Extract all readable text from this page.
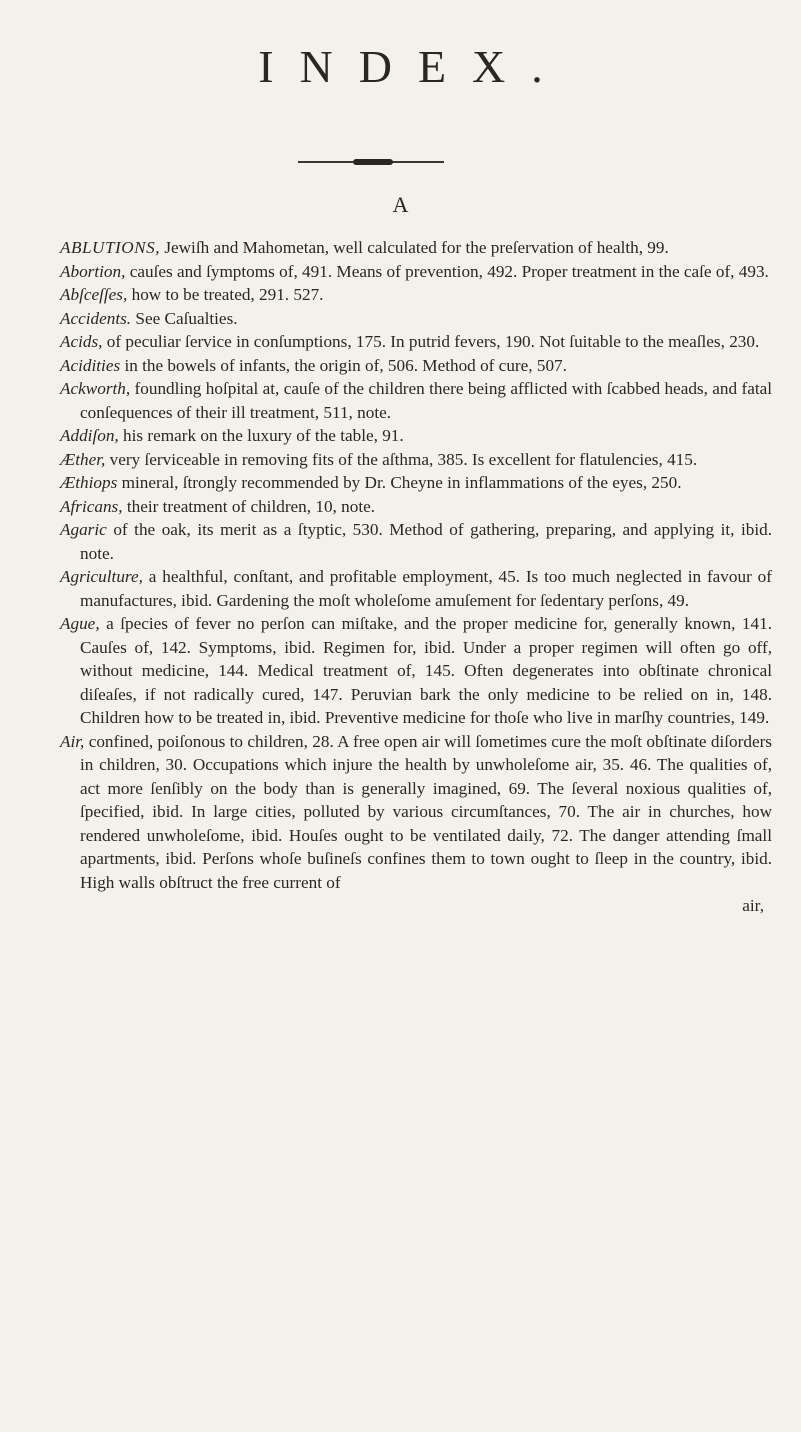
INDEX.
A

ABLUTIONS, Jewiſh and Mahometan, well calculated for the preſervation of health, 99.

Abortion, cauſes and ſymptoms of, 491. Means of prevention, 492. Proper treatment in the caſe of, 493.

Abſceſſes, how to be treated, 291. 527.

Accidents. See Caſualties.

Acids, of peculiar ſervice in conſumptions, 175. In putrid fevers, 190. Not ſuitable to the meaſles, 230.

Acidities in the bowels of infants, the origin of, 506. Method of cure, 507.

Ackworth, foundling hoſpital at, cauſe of the children there being afflicted with ſcabbed heads, and fatal conſequences of their ill treatment, 511, note.

Addiſon, his remark on the luxury of the table, 91.

Æther, very ſerviceable in removing fits of the aſthma, 385. Is excellent for flatulencies, 415.

Æthiops mineral, ſtrongly recommended by Dr. Cheyne in inflammations of the eyes, 250.

Africans, their treatment of children, 10, note.

Agaric of the oak, its merit as a ſtyptic, 530. Method of gathering, preparing, and applying it, ibid. note.

Agriculture, a healthful, conſtant, and profitable employment, 45. Is too much neglected in favour of manufactures, ibid. Gardening the moſt wholeſome amuſement for ſedentary perſons, 49.

Ague, a ſpecies of fever no perſon can miſtake, and the proper medicine for, generally known, 141. Cauſes of, 142. Symptoms, ibid. Regimen for, ibid. Under a proper regimen will often go off, without medicine, 144. Medical treatment of, 145. Often degenerates into obſtinate chronical diſeaſes, if not radically cured, 147. Peruvian bark the only medicine to be relied on in, 148. Children how to be treated in, ibid. Preventive medicine for thoſe who live in marſhy countries, 149.

Air, confined, poiſonous to children, 28. A free open air will ſometimes cure the moſt obſtinate diſorders in children, 30. Occupations which injure the health by unwholeſome air, 35. 46. The qualities of, act more ſenſibly on the body than is generally imagined, 69. The ſeveral noxious qualities of, ſpecified, ibid. In large cities, polluted by various circumſtances, 70. The air in churches, how rendered unwholeſome, ibid. Houſes ought to be ventilated daily, 72. The danger attending ſmall apartments, ibid. Perſons whoſe buſineſs confines them to town ought to ſleep in the country, ibid. High walls obſtruct the free current of

air,
